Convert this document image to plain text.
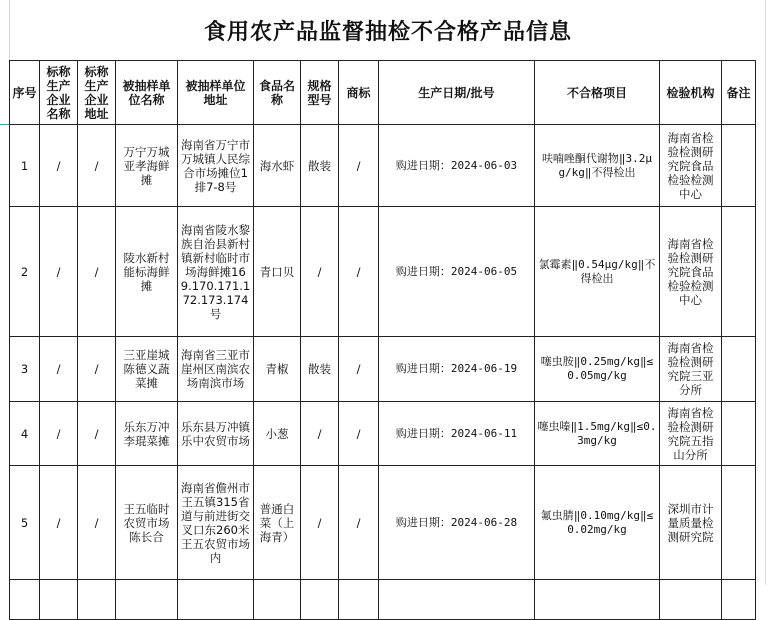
食用农产品监督抽检不合格产品信息
序号	标称生产企业名称	标称生产企业地址	被抽样单位名称	被抽样单位地址	食品名称	规格型号	商标	生产日期/批号	不合格项目	检验机构	备注
1	/	/	万宁万城亚孝海鲜摊	海南省万宁市万城镇人民综合市场摊位1排7-8号	海水虾	散装	/	购进日期：2024-06-03	呋喃唑酮代谢物‖3.2μg/kg‖不得检出	海南省检验检测研究院食品检验检测中心	
2	/	/	陵水新村能标海鲜摊	海南省陵水黎族自治县新村镇新村临时市场海鲜摊169.170.171.172.173.174号	青口贝	/	/	购进日期：2024-06-05	氯霉素‖0.54μg/kg‖不得检出	海南省检验检测研究院食品检验检测中心	
3	/	/	三亚崖城陈德义蔬菜摊	海南省三亚市崖州区南滨农场南滨市场	青椒	散装	/	购进日期：2024-06-19	噻虫胺‖0.25mg/kg‖≤0.05mg/kg	海南省检验检测研究院三亚分所	
4	/	/	乐东万冲李琨菜摊	乐东县万冲镇乐中农贸市场	小葱	/	/	购进日期：2024-06-11	噻虫嗪‖1.5mg/kg‖≤0.3mg/kg	海南省检验检测研究院五指山分所	
5	/	/	王五临时农贸市场陈长合	海南省儋州市王五镇315省道与前进街交叉口东260米王五农贸市场内	普通白菜（上海青）	/	/	购进日期：2024-06-28	氟虫腈‖0.10mg/kg‖≤0.02mg/kg	深圳市计量质量检测研究院	
